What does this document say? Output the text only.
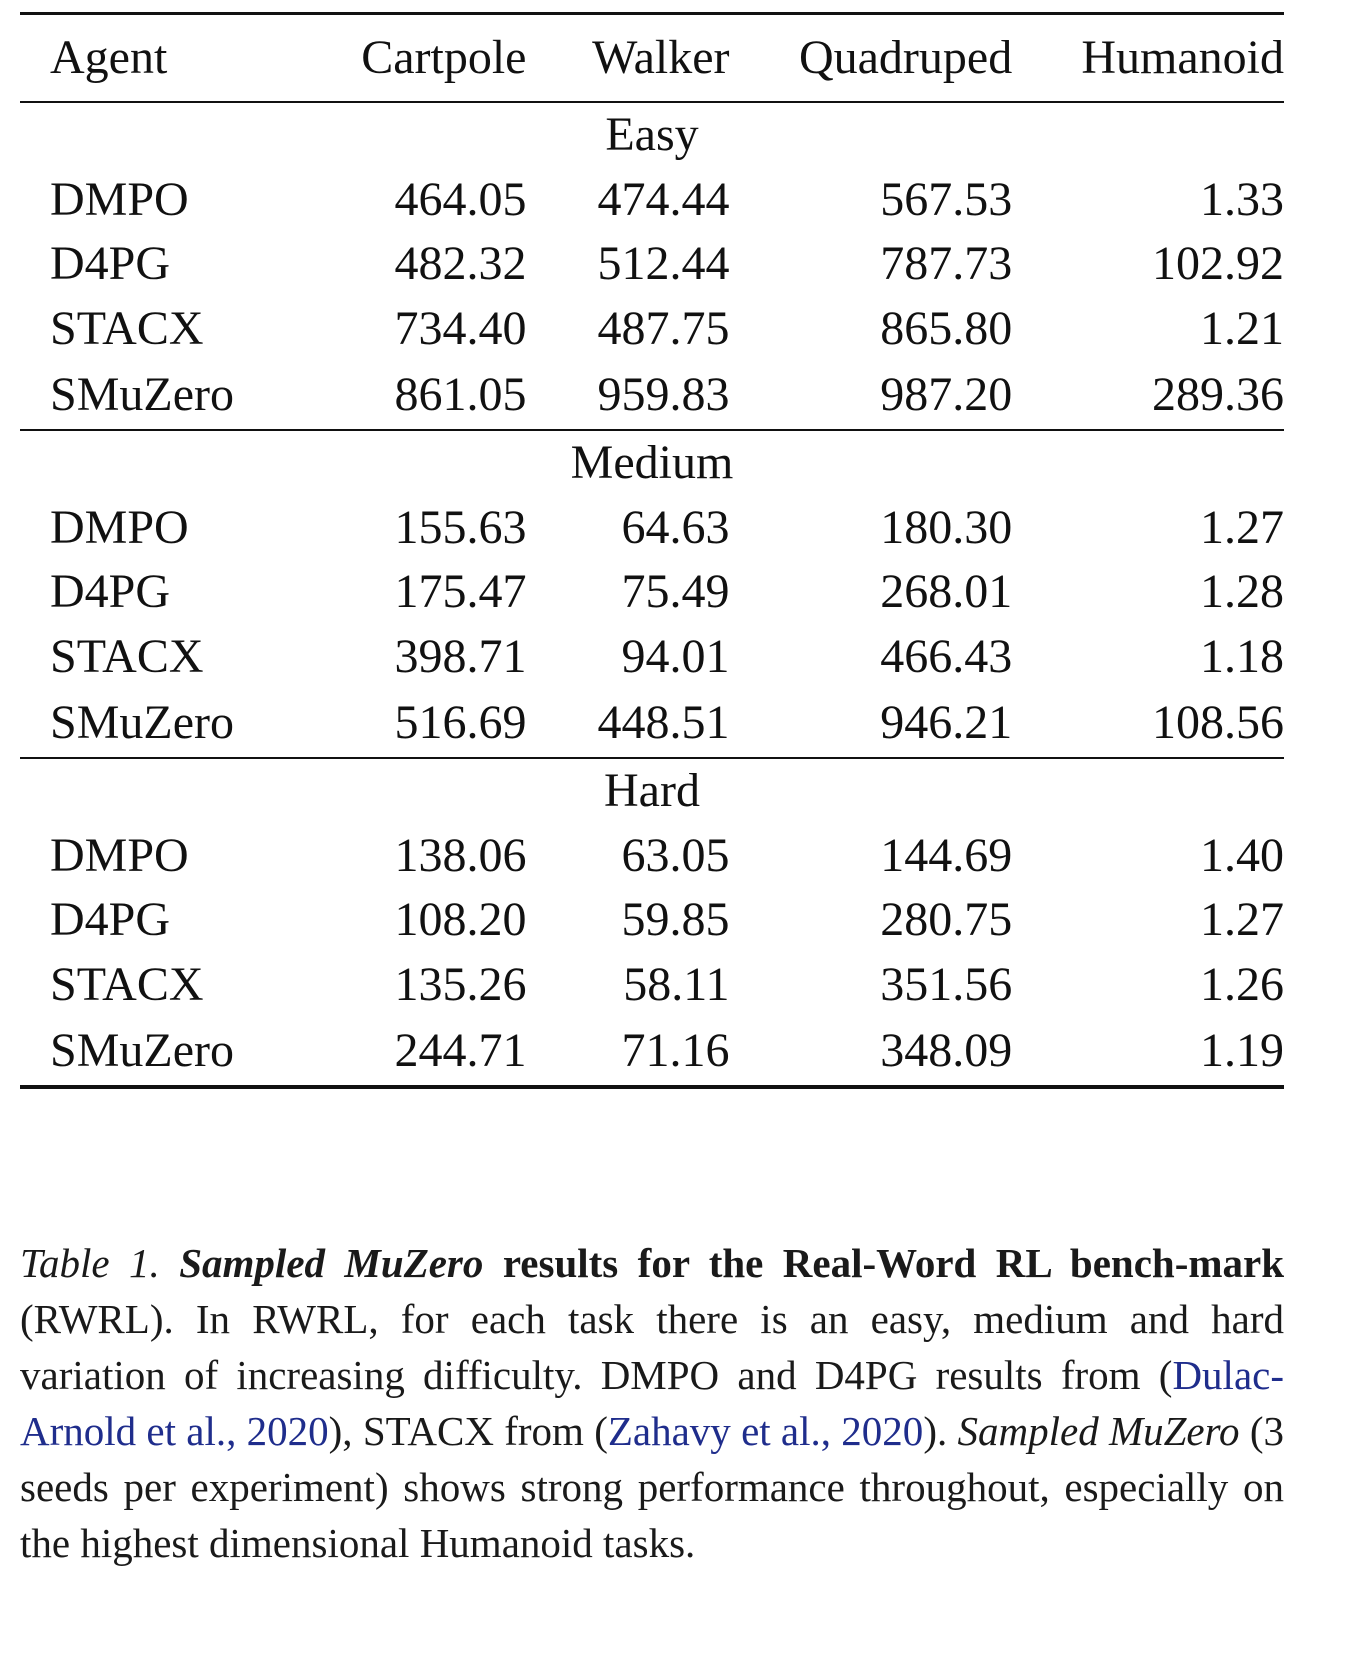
Agent	Cartpole	Walker	Quadruped	Humanoid
Easy				
DMPO	464.05	474.44	567.53	1.33
D4PG	482.32	512.44	787.73	102.92
STACX	734.40	487.75	865.80	1.21
SMuZero	861.05	959.83	987.20	289.36
Medium				
DMPO	155.63	64.63	180.30	1.27
D4PG	175.47	75.49	268.01	1.28
STACX	398.71	94.01	466.43	1.18
SMuZero	516.69	448.51	946.21	108.56
Hard				
DMPO	138.06	63.05	144.69	1.40
D4PG	108.20	59.85	280.75	1.27
STACX	135.26	58.11	351.56	1.26
SMuZero	244.71	71.16	348.09	1.19
Table 1. Sampled MuZero results for the Real-Word RL bench-mark (RWRL). In RWRL, for each task there is an easy, medium and hard variation of increasing difficulty. DMPO and D4PG results from (Dulac-Arnold et al., 2020), STACX from (Zahavy et al., 2020). Sampled MuZero (3 seeds per experiment) shows strong performance throughout, especially on the highest dimensional Humanoid tasks.
